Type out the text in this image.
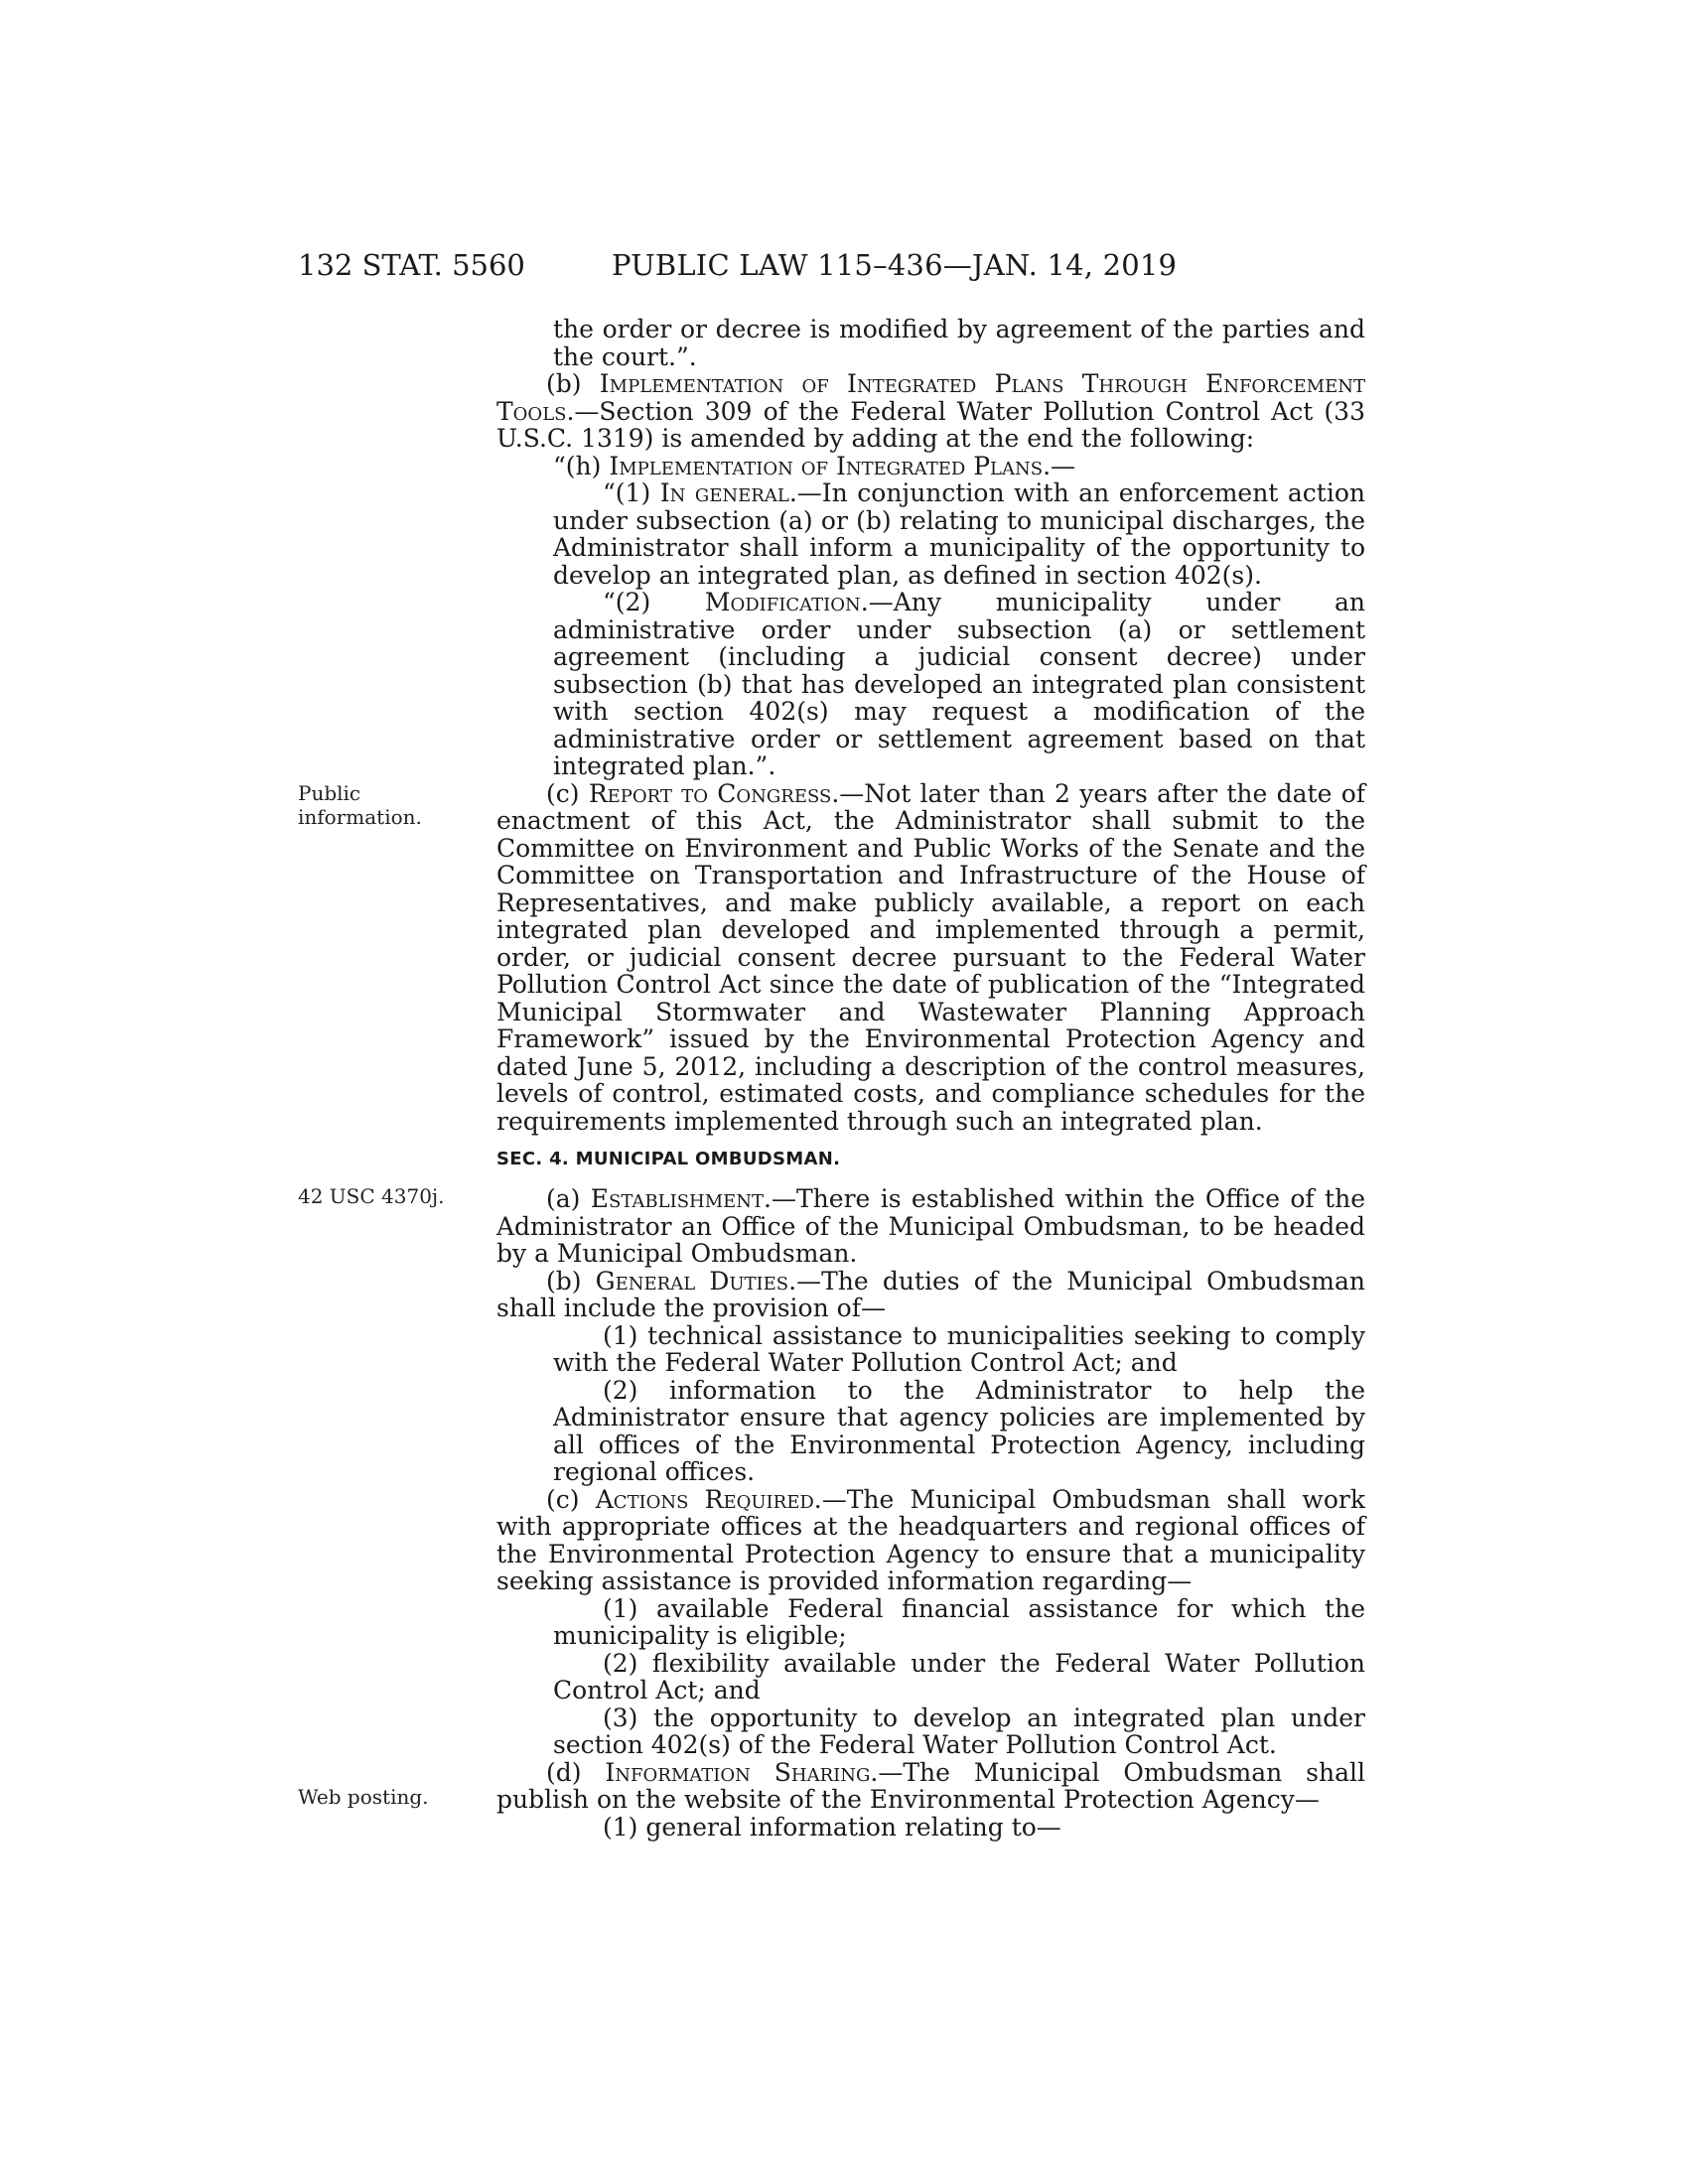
132 STAT. 5560	PUBLIC LAW 115–436—JAN. 14, 2019
Public
information.
42 USC 4370j.
Web posting.

the order or decree is modified by agreement of the parties and the court.”.

(b) Implementation of Integrated Plans Through Enforcement Tools.—Section 309 of the Federal Water Pollution Control Act (33 U.S.C. 1319) is amended by adding at the end the following:

“(h) Implementation of Integrated Plans.—

“(1) In general.—In conjunction with an enforcement action under subsection (a) or (b) relating to municipal discharges, the Administrator shall inform a municipality of the opportunity to develop an integrated plan, as defined in section 402(s).

“(2) Modification.—Any municipality under an administrative order under subsection (a) or settlement agreement (including a judicial consent decree) under subsection (b) that has developed an integrated plan consistent with section 402(s) may request a modification of the administrative order or settlement agreement based on that integrated plan.”.

(c) Report to Congress.—Not later than 2 years after the date of enactment of this Act, the Administrator shall submit to the Committee on Environment and Public Works of the Senate and the Committee on Transportation and Infrastructure of the House of Representatives, and make publicly available, a report on each integrated plan developed and implemented through a permit, order, or judicial consent decree pursuant to the Federal Water Pollution Control Act since the date of publication of the “Integrated Municipal Stormwater and Wastewater Planning Approach Framework” issued by the Environmental Protection Agency and dated June 5, 2012, including a description of the control measures, levels of control, estimated costs, and compliance schedules for the requirements implemented through such an integrated plan.

SEC. 4. MUNICIPAL OMBUDSMAN.

(a) Establishment.—There is established within the Office of the Administrator an Office of the Municipal Ombudsman, to be headed by a Municipal Ombudsman.

(b) General Duties.—The duties of the Municipal Ombudsman shall include the provision of—

(1) technical assistance to municipalities seeking to comply with the Federal Water Pollution Control Act; and

(2) information to the Administrator to help the Administrator ensure that agency policies are implemented by all offices of the Environmental Protection Agency, including regional offices.

(c) Actions Required.—The Municipal Ombudsman shall work with appropriate offices at the headquarters and regional offices of the Environmental Protection Agency to ensure that a municipality seeking assistance is provided information regarding—

(1) available Federal financial assistance for which the municipality is eligible;

(2) flexibility available under the Federal Water Pollution Control Act; and

(3) the opportunity to develop an integrated plan under section 402(s) of the Federal Water Pollution Control Act.

(d) Information Sharing.—The Municipal Ombudsman shall publish on the website of the Environmental Protection Agency—

(1) general information relating to—
